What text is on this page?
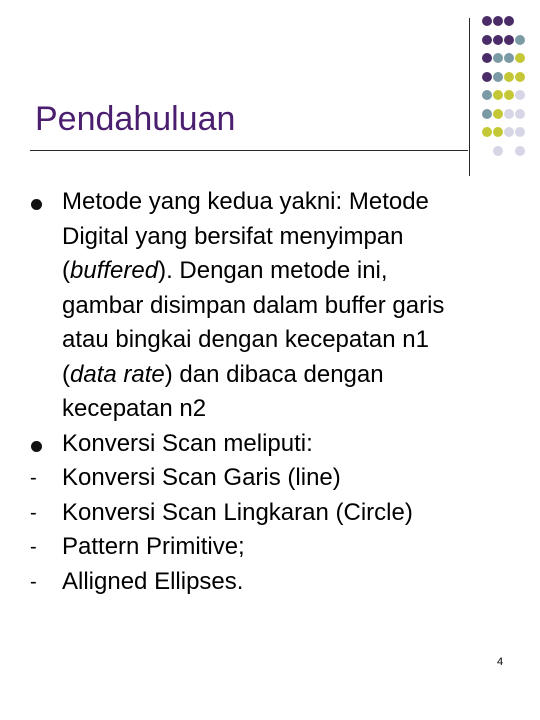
Pendahuluan
Metode yang kedua yakni: Metode
Digital yang bersifat menyimpan
(buffered). Dengan metode ini,
gambar disimpan dalam buffer garis
atau bingkai dengan kecepatan n1
(data rate) dan dibaca dengan
kecepatan n2
Konversi Scan meliputi:
- Konversi Scan Garis (line)
- Konversi Scan Lingkaran (Circle)
- Pattern Primitive;
- Alligned Ellipses.
4
